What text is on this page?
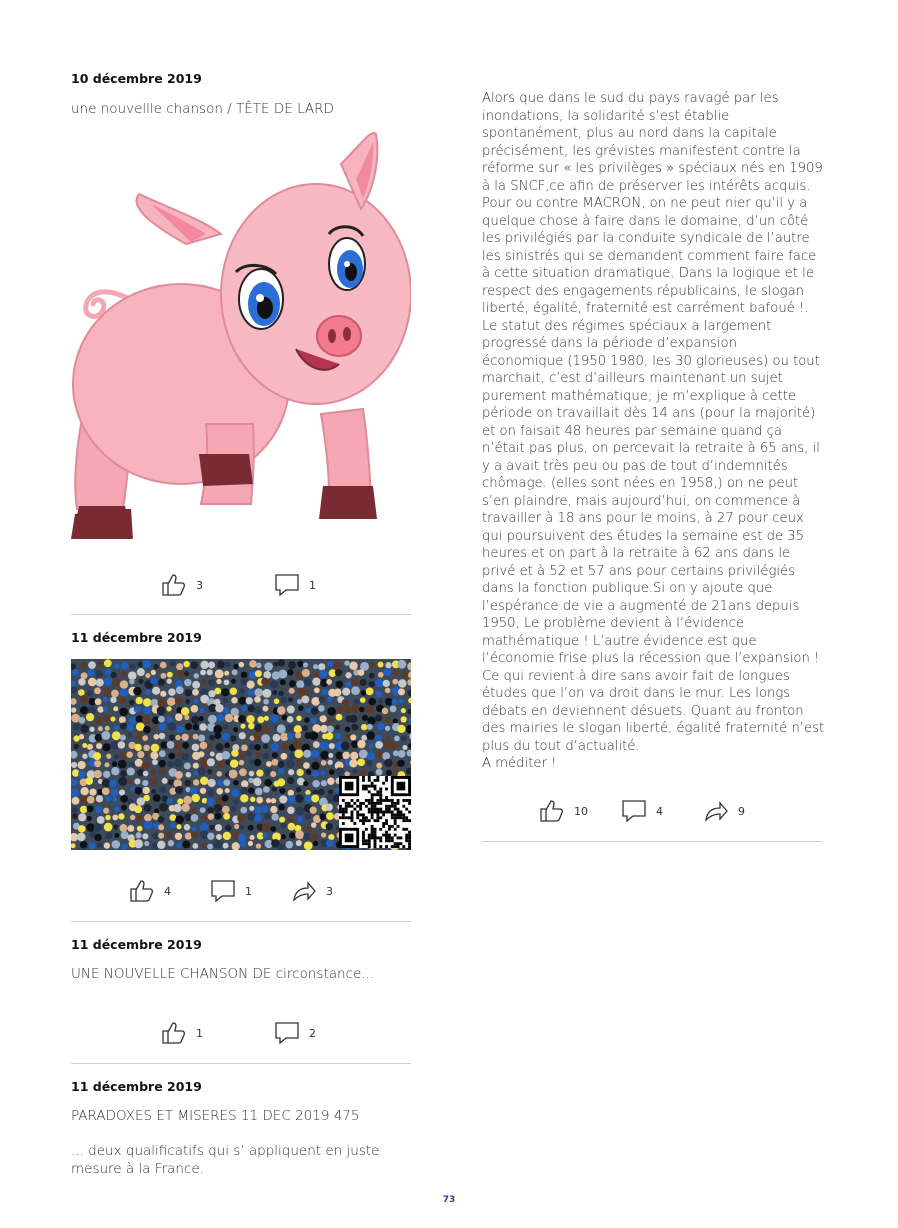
10 décembre 2019
une nouvellle chanson / TÊTE DE LARD
3	1
11 décembre 2019
4	1	3
11 décembre 2019
UNE NOUVELLE CHANSON DE circonstance...
1	2
11 décembre 2019
PARADOXES ET MISERES 11 DEC 2019 475
... deux qualificatifs qui s’ appliquent en juste mesure à la France.
Alors que dans le sud du pays ravagé par les
inondations, la solidarité s’est établie
spontanément, plus au nord dans la capitale
précisément, les grévistes manifestent contre la
réforme sur « les privilèges » spéciaux nés en 1909
à la SNCF,ce afin de préserver les intérêts acquis.
Pour ou contre MACRON, on ne peut nier qu’il y a
quelque chose à faire dans le domaine, d’un côté
les privilégiés par la conduite syndicale de l’autre
les sinistrés qui se demandent comment faire face
à cette situation dramatique. Dans la logique et le
respect des engagements républicains, le slogan
liberté, égalité, fraternité est carrément bafoué !.
Le statut des régimes spéciaux a largement
progressé dans la période d’expansion
économique (1950 1980, les 30 glorieuses) ou tout
marchait, c’est d’ailleurs maintenant un sujet
purement mathématique; je m’explique à cette
période on travaillait dès 14 ans (pour la majorité)
et on faisait 48 heures par semaine quand ça
n’était pas plus, on percevait la retraite à 65 ans, il
y a avait très peu ou pas de tout d’indemnités
chômage. (elles sont nées en 1958,) on ne peut
s’en plaindre, mais aujourd’hui, on commence à
travailler à 18 ans pour le moins, à 27 pour ceux
qui poursuivent des études la semaine est de 35
heures et on part à la retraite à 62 ans dans le
privé et à 52 et 57 ans pour certains privilégiés
dans la fonction publique.Si on y ajoute que
l’espérance de vie a augmenté de 21ans depuis
1950, Le problème devient à l’évidence
mathématique ! L’autre évidence est que
l’économie frise plus la récession que l’expansion !
Ce qui revient à dire sans avoir fait de longues
études que l’on va droit dans le mur. Les longs
débats en deviennent désuets. Quant au fronton
des mairies le slogan liberté, égalité fraternité n’est
plus du tout d’actualité.
A méditer !
10	4	9
73
